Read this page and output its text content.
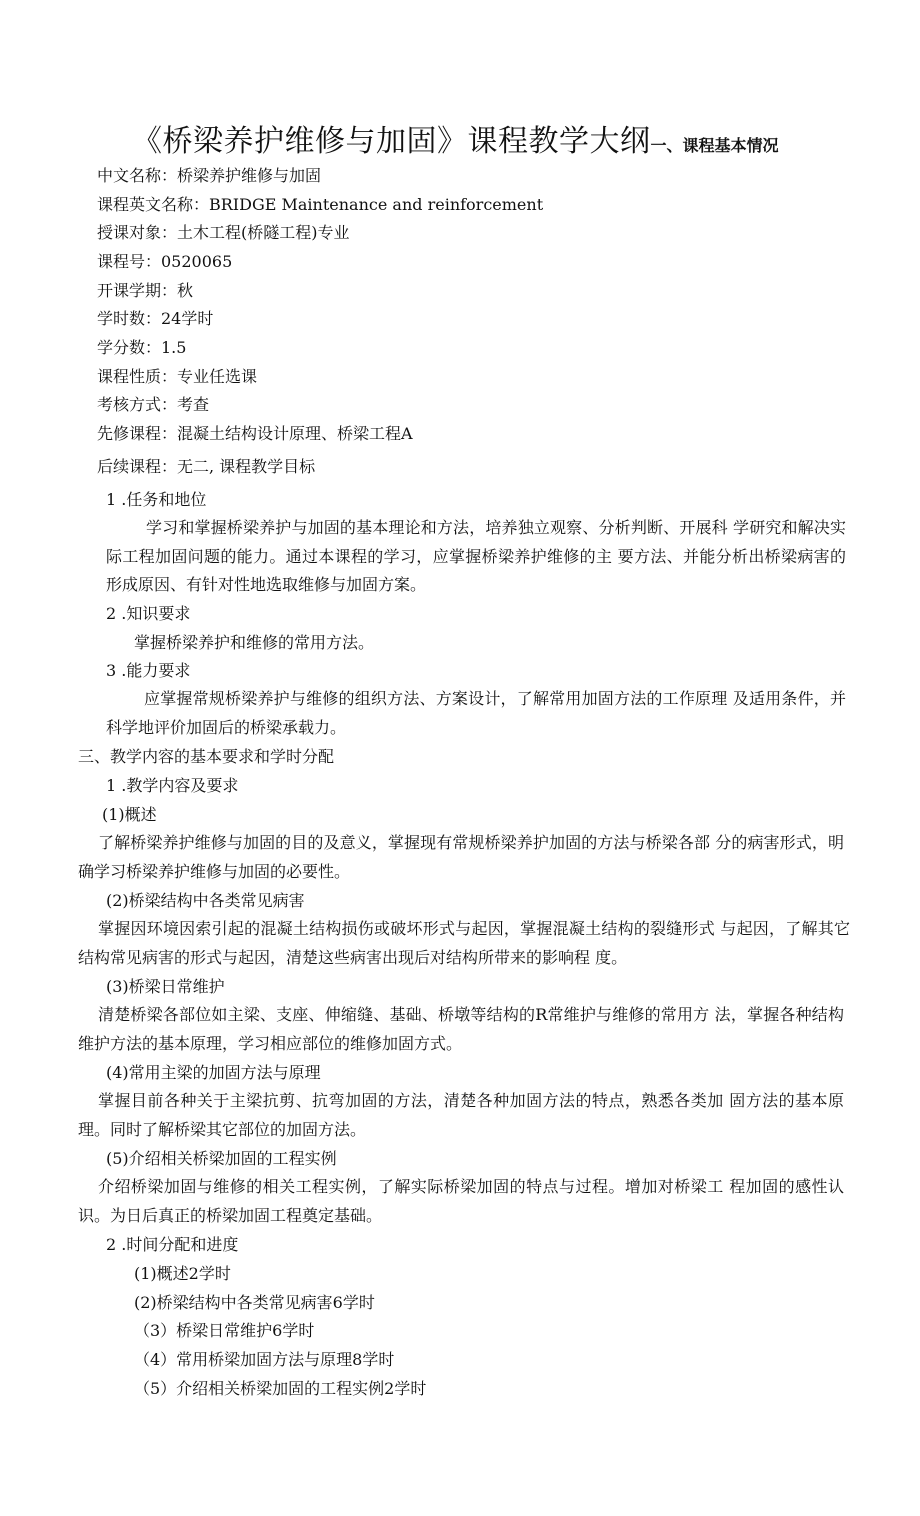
《桥梁养护维修与加固》课程教学大纲一、课程基本情况
中文名称：桥梁养护维修与加固
课程英文名称：BRIDGE Maintenance and reinforcement
授课对象：土木工程(桥隧工程)专业
课程号：0520065
开课学期：秋
学时数：24学时
学分数：1.5
课程性质：专业任选课
考核方式：考查
先修课程：混凝土结构设计原理、桥梁工程A
后续课程：无二, 课程教学目标
1 .任务和地位
学习和掌握桥梁养护与加固的基本理论和方法，培养独立观察、分析判断、开展科 学研究和解决实际工程加固问题的能力。通过本课程的学习，应掌握桥梁养护维修的主 要方法、并能分析出桥梁病害的形成原因、有针对性地选取维修与加固方案。
2 .知识要求
掌握桥梁养护和维修的常用方法。
3 .能力要求
应掌握常规桥梁养护与维修的组织方法、方案设计，了解常用加固方法的工作原理 及适用条件，并科学地评价加固后的桥梁承载力。
三、教学内容的基本要求和学时分配
1 .教学内容及要求
(1)概述
了解桥梁养护维修与加固的目的及意义，掌握现有常规桥梁养护加固的方法与桥梁各部 分的病害形式，明确学习桥梁养护维修与加固的必要性。
(2)桥梁结构中各类常见病害
掌握因环境因索引起的混凝土结构损伤或破坏形式与起因，掌握混凝土结构的裂缝形式 与起因，了解其它结构常见病害的形式与起因，清楚这些病害出现后对结构所带来的影响程 度。
(3)桥梁日常维护
清楚桥梁各部位如主梁、支座、伸缩缝、基础、桥墩等结构的R常维护与维修的常用方 法，掌握各种结构维护方法的基本原理，学习相应部位的维修加固方式。
(4)常用主梁的加固方法与原理
掌握目前各种关于主梁抗剪、抗弯加固的方法，清楚各种加固方法的特点，熟悉各类加 固方法的基本原理。同时了解桥梁其它部位的加固方法。
(5)介绍相关桥梁加固的工程实例
介绍桥梁加固与维修的相关工程实例，了解实际桥梁加固的特点与过程。增加对桥梁工 程加固的感性认识。为日后真正的桥梁加固工程奠定基础。
2 .时间分配和进度
(1)概述2学时
(2)桥梁结构中各类常见病害6学时
（3）桥梁日常维护6学时
（4）常用桥梁加固方法与原理8学时
（5）介绍相关桥梁加固的工程实例2学时
